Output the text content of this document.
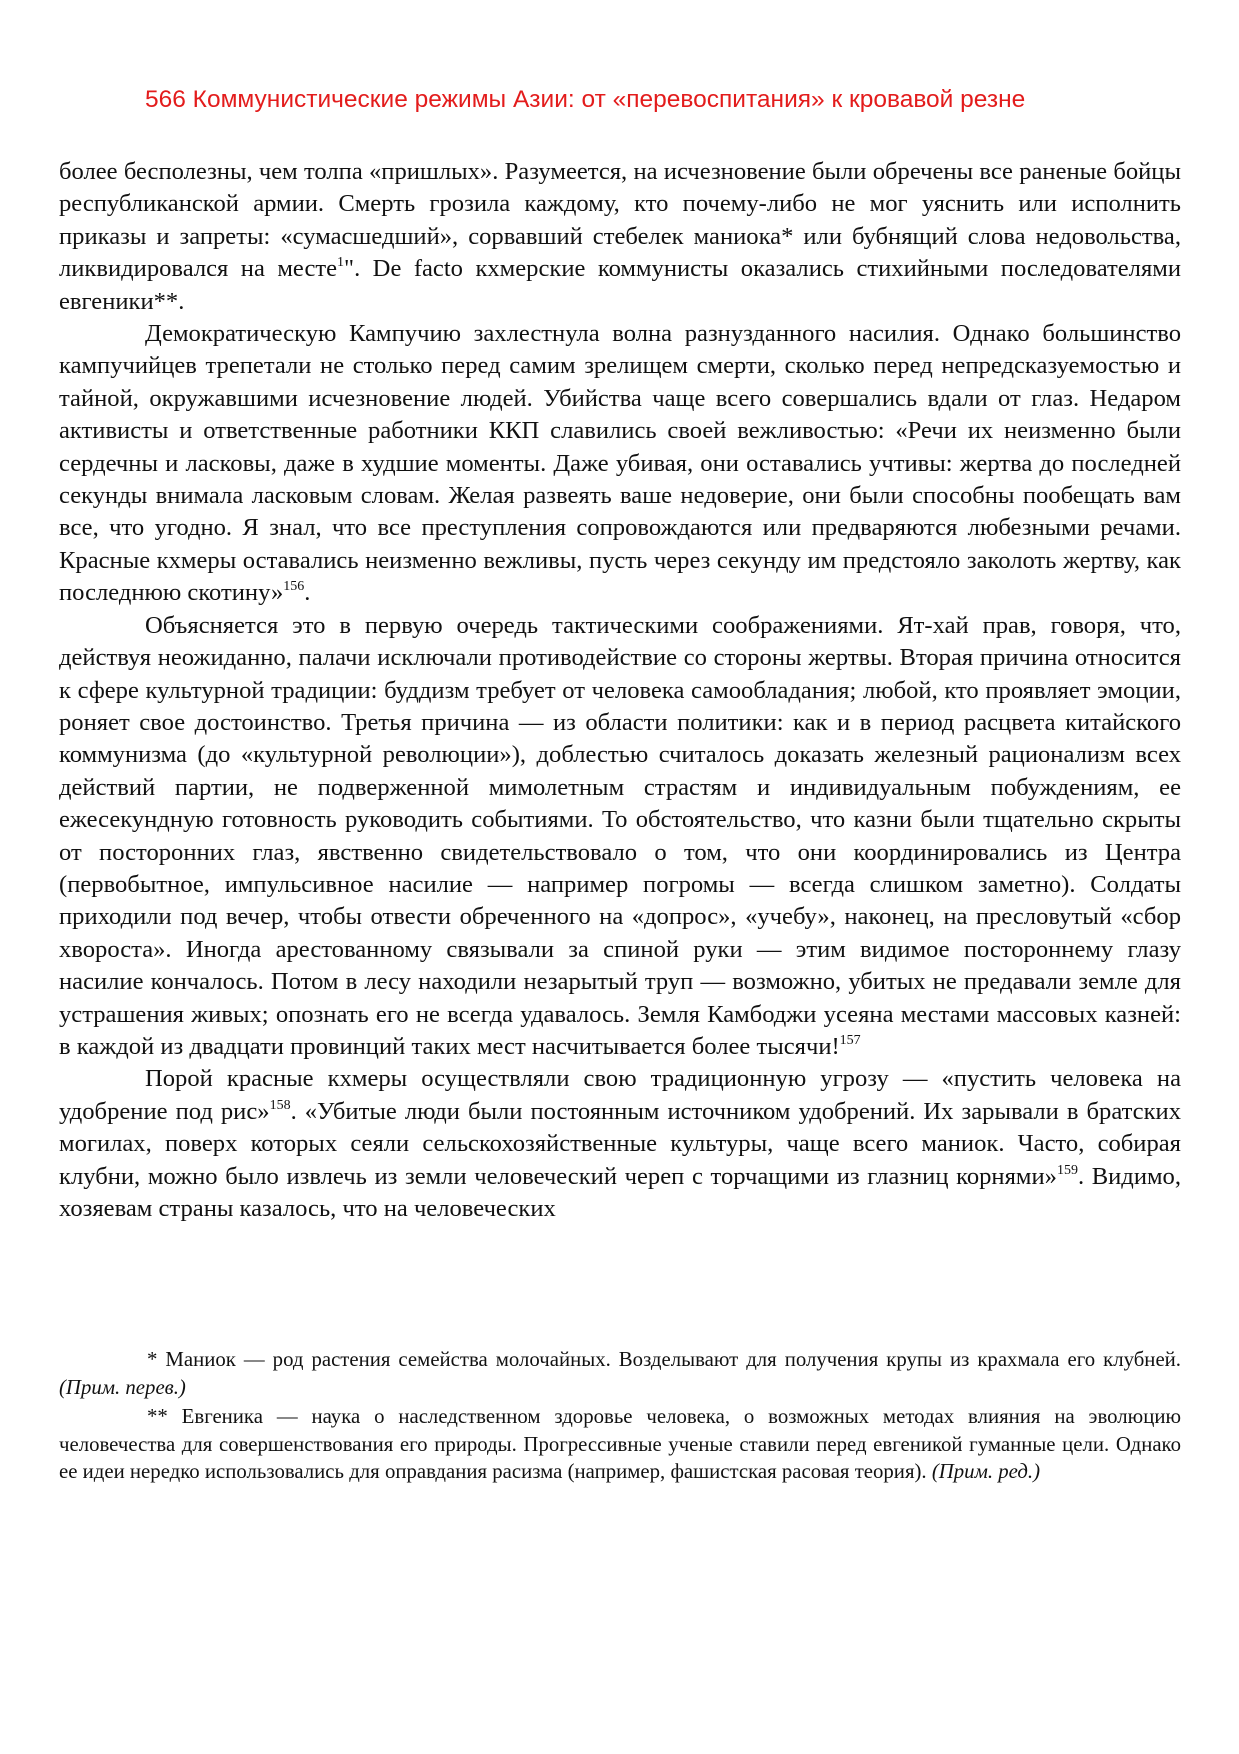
566 Коммунистические режимы Азии: от «перевоспитания» к кровавой резне

более бесполезны, чем толпа «пришлых». Разумеется, на исчезновение были обречены все раненые бойцы республиканской армии. Смерть грозила каждому, кто почему-либо не мог уяснить или исполнить приказы и запреты: «сумасшедший», сорвавший стебелек маниока* или бубнящий слова недовольства, ликвидировался на месте$^1$". De facto кхмерские коммунисты оказались стихийными последователями евгеники**.

Демократическую Кампучию захлестнула волна разнузданного насилия. Однако большинство кампучийцев трепетали не столько перед самим зрелищем смерти, сколько перед непредсказуемостью и тайной, окружавшими исчезновение людей. Убийства чаще всего совершались вдали от глаз. Недаром активисты и ответственные работники ККП славились своей вежливостью: «Речи их неизменно были сердечны и ласковы, даже в худшие моменты. Даже убивая, они оставались учтивы: жертва до последней секунды внимала ласковым словам. Желая развеять ваше недоверие, они были способны пообещать вам все, что угодно. Я знал, что все преступления сопровождаются или предваряются любезными речами. Красные кхмеры оставались неизменно вежливы, пусть через секунду им предстояло заколоть жертву, как последнюю скотину»$^{156}$.

Объясняется это в первую очередь тактическими соображениями. Ят-хай прав, говоря, что, действуя неожиданно, палачи исключали противодействие со стороны жертвы. Вторая причина относится к сфере культурной традиции: буддизм требует от человека самообладания; любой, кто проявляет эмоции, роняет свое достоинство. Третья причина — из области политики: как и в период расцвета китайского коммунизма (до «культурной революции»), доблестью считалось доказать железный рационализм всех действий партии, не подверженной мимолетным страстям и индивидуальным побуждениям, ее ежесекундную готовность руководить событиями. То обстоятельство, что казни были тщательно скрыты от посторонних глаз, явственно свидетельствовало о том, что они координировались из Центра (первобытное, импульсивное насилие — например погромы — всегда слишком заметно). Солдаты приходили под вечер, чтобы отвести обреченного на «допрос», «учебу», наконец, на пресловутый «сбор хвороста». Иногда арестованному связывали за спиной руки — этим видимое постороннему глазу насилие кончалось. Потом в лесу находили незарытый труп — возможно, убитых не предавали земле для устрашения живых; опознать его не всегда удавалось. Земля Камбоджи усеяна местами массовых казней: в каждой из двадцати провинций таких мест насчитывается более тысячи!$^{157}$

Порой красные кхмеры осуществляли свою традиционную угрозу — «пустить человека на удобрение под рис»$^{158}$. «Убитые люди были постоянным источником удобрений. Их зарывали в братских могилах, поверх которых сеяли сельскохозяйственные культуры, чаще всего маниок. Часто, собирая клубни, можно было извлечь из земли человеческий череп с торчащими из глазниц корнями»$^{159}$. Видимо, хозяевам страны казалось, что на человеческих

* Маниок — род растения семейства молочайных. Возделывают для получения крупы из крахмала его клубней. (Прим. перев.)

** Евгеника — наука о наследственном здоровье человека, о возможных методах влияния на эволюцию человечества для совершенствования его природы. Прогрессивные ученые ставили перед евгеникой гуманные цели. Однако ее идеи нередко использовались для оправдания расизма (например, фашистская расовая теория). (Прим. ред.)
